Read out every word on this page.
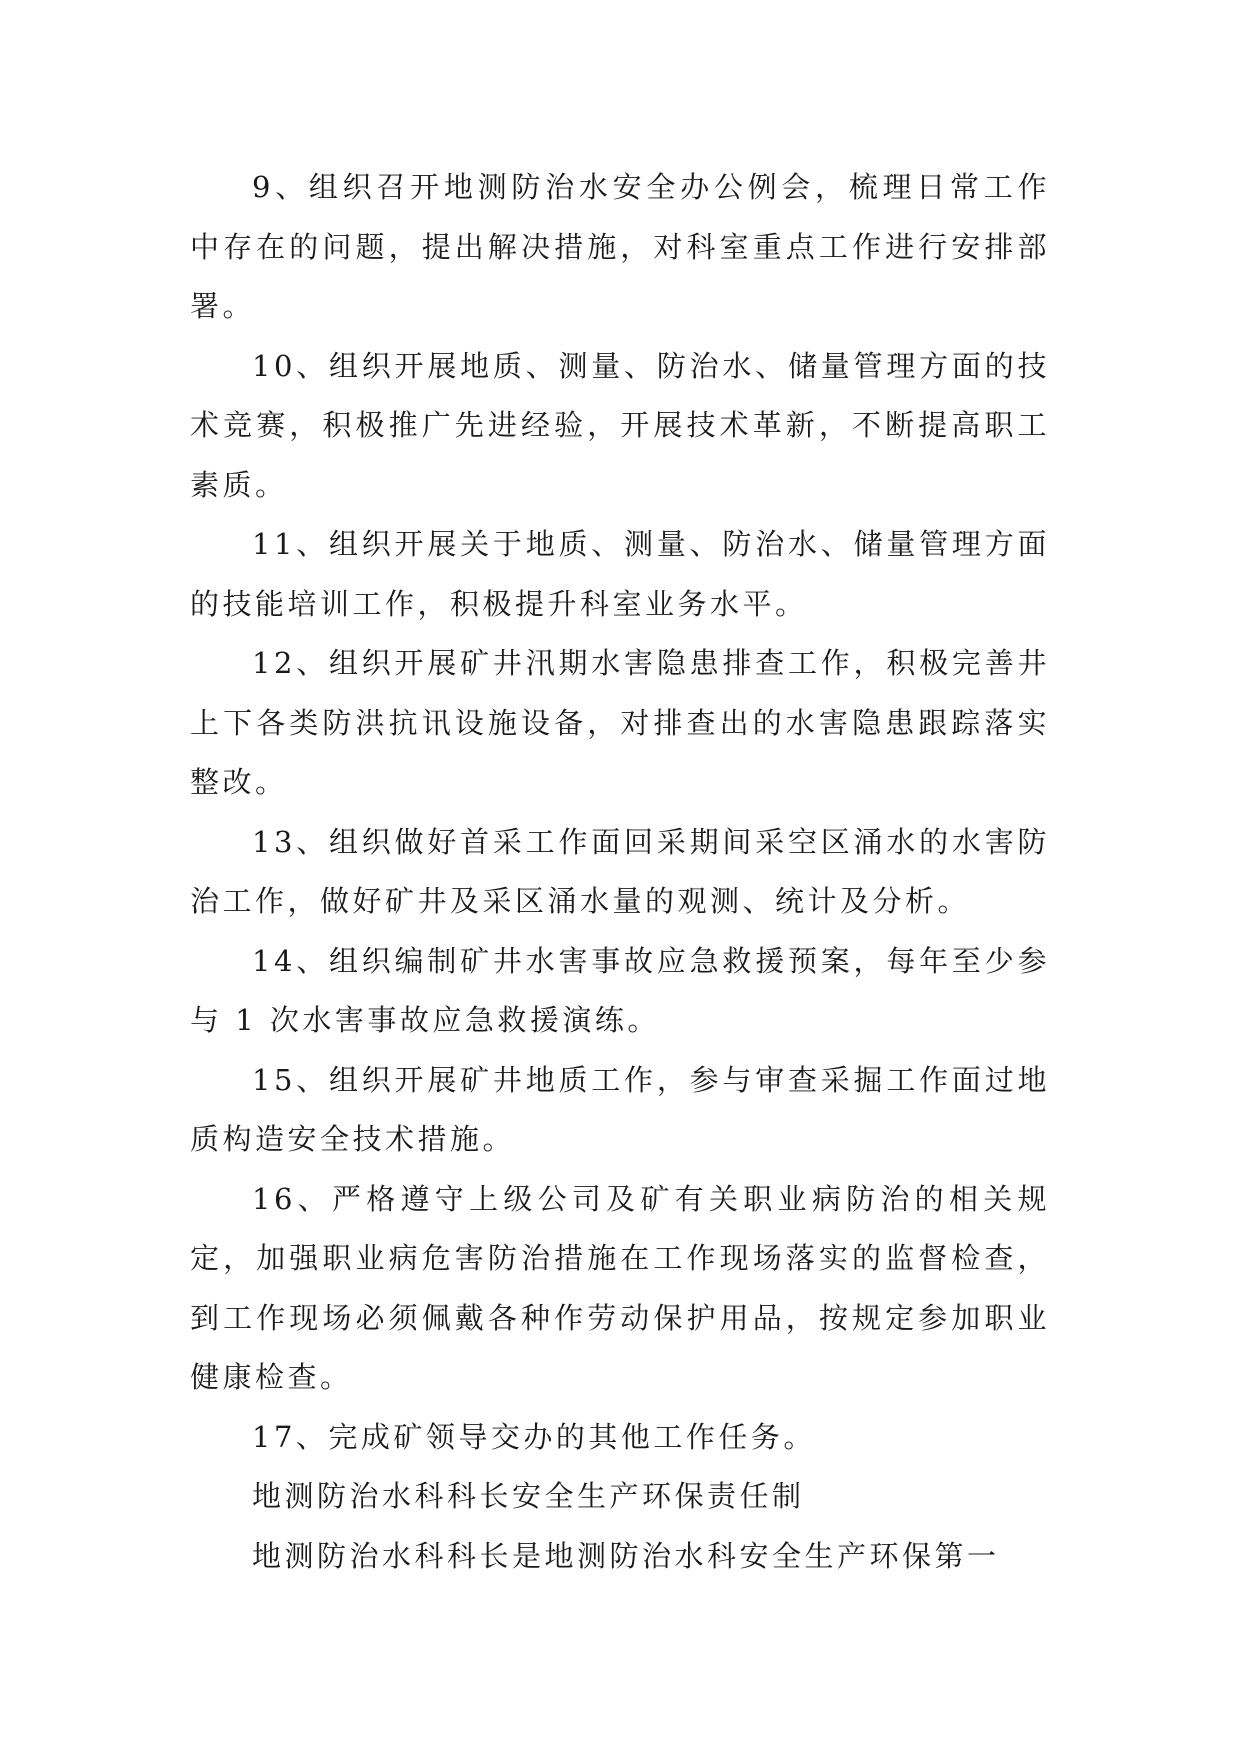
9、组织召开地测防治水安全办公例会，梳理日常工作中存在的问题，提出解决措施，对科室重点工作进行安排部署。

10、组织开展地质、测量、防治水、储量管理方面的技术竞赛，积极推广先进经验，开展技术革新，不断提高职工素质。

11、组织开展关于地质、测量、防治水、储量管理方面的技能培训工作，积极提升科室业务水平。

12、组织开展矿井汛期水害隐患排查工作，积极完善井上下各类防洪抗讯设施设备，对排查出的水害隐患跟踪落实整改。

13、组织做好首采工作面回采期间采空区涌水的水害防治工作，做好矿井及采区涌水量的观测、统计及分析。

14、组织编制矿井水害事故应急救援预案，每年至少参与 1 次水害事故应急救援演练。

15、组织开展矿井地质工作，参与审查采掘工作面过地质构造安全技术措施。

16、严格遵守上级公司及矿有关职业病防治的相关规定，加强职业病危害防治措施在工作现场落实的监督检查，到工作现场必须佩戴各种作劳动保护用品，按规定参加职业健康检查。

17、完成矿领导交办的其他工作任务。

地测防治水科科长安全生产环保责任制

地测防治水科科长是地测防治水科安全生产环保第一
